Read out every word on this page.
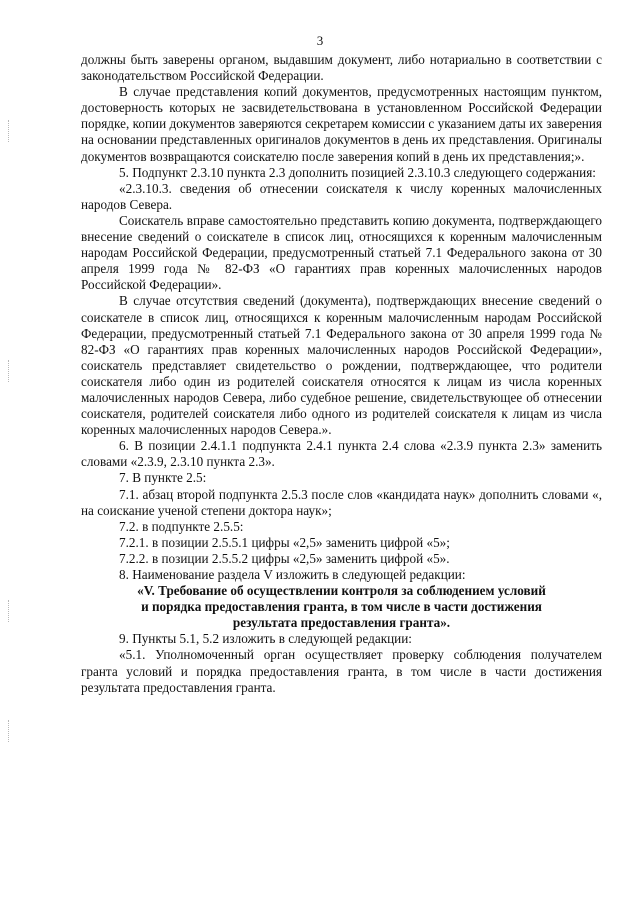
3

должны быть заверены органом, выдавшим документ, либо нотариально в соответствии с законодательством Российской Федерации.

В случае представления копий документов, предусмотренных настоящим пунктом, достоверность которых не засвидетельствована в установленном Российской Федерации порядке, копии документов заверяются секретарем комиссии с указанием даты их заверения на основании представленных оригиналов документов в день их представления. Оригиналы документов возвращаются соискателю после заверения копий в день их представления;».

5. Подпункт 2.3.10 пункта 2.3 дополнить позицией 2.3.10.3 следующего содержания:

«2.3.10.3. сведения об отнесении соискателя к числу коренных малочисленных народов Севера.

Соискатель вправе самостоятельно представить копию документа, подтверждающего внесение сведений о соискателе в список лиц, относящихся к коренным малочисленным народам Российской Федерации, предусмотренный статьей 7.1 Федерального закона от 30 апреля 1999 года № 82-ФЗ «О гарантиях прав коренных малочисленных народов Российской Федерации».

В случае отсутствия сведений (документа), подтверждающих внесение сведений о соискателе в список лиц, относящихся к коренным малочисленным народам Российской Федерации, предусмотренный статьей 7.1 Федерального закона от 30 апреля 1999 года № 82-ФЗ «О гарантиях прав коренных малочисленных народов Российской Федерации», соискатель представляет свидетельство о рождении, подтверждающее, что родители соискателя либо один из родителей соискателя относятся к лицам из числа коренных малочисленных народов Севера, либо судебное решение, свидетельствующее об отнесении соискателя, родителей соискателя либо одного из родителей соискателя к лицам из числа коренных малочисленных народов Севера.».

6. В позиции 2.4.1.1 подпункта 2.4.1 пункта 2.4 слова «2.3.9 пункта 2.3» заменить словами «2.3.9, 2.3.10 пункта 2.3».

7. В пункте 2.5:

7.1. абзац второй подпункта 2.5.3 после слов «кандидата наук» дополнить словами «, на соискание ученой степени доктора наук»;

7.2. в подпункте 2.5.5:

7.2.1. в позиции 2.5.5.1 цифры «2,5» заменить цифрой «5»;

7.2.2. в позиции 2.5.5.2 цифры «2,5» заменить цифрой «5».

8. Наименование раздела V изложить в следующей редакции:

«V. Требование об осуществлении контроля за соблюдением условий
и порядка предоставления гранта, в том числе в части достижения
результата предоставления гранта».

9. Пункты 5.1, 5.2 изложить в следующей редакции:

«5.1. Уполномоченный орган осуществляет проверку соблюдения получателем гранта условий и порядка предоставления гранта, в том числе в части достижения результата предоставления гранта.
